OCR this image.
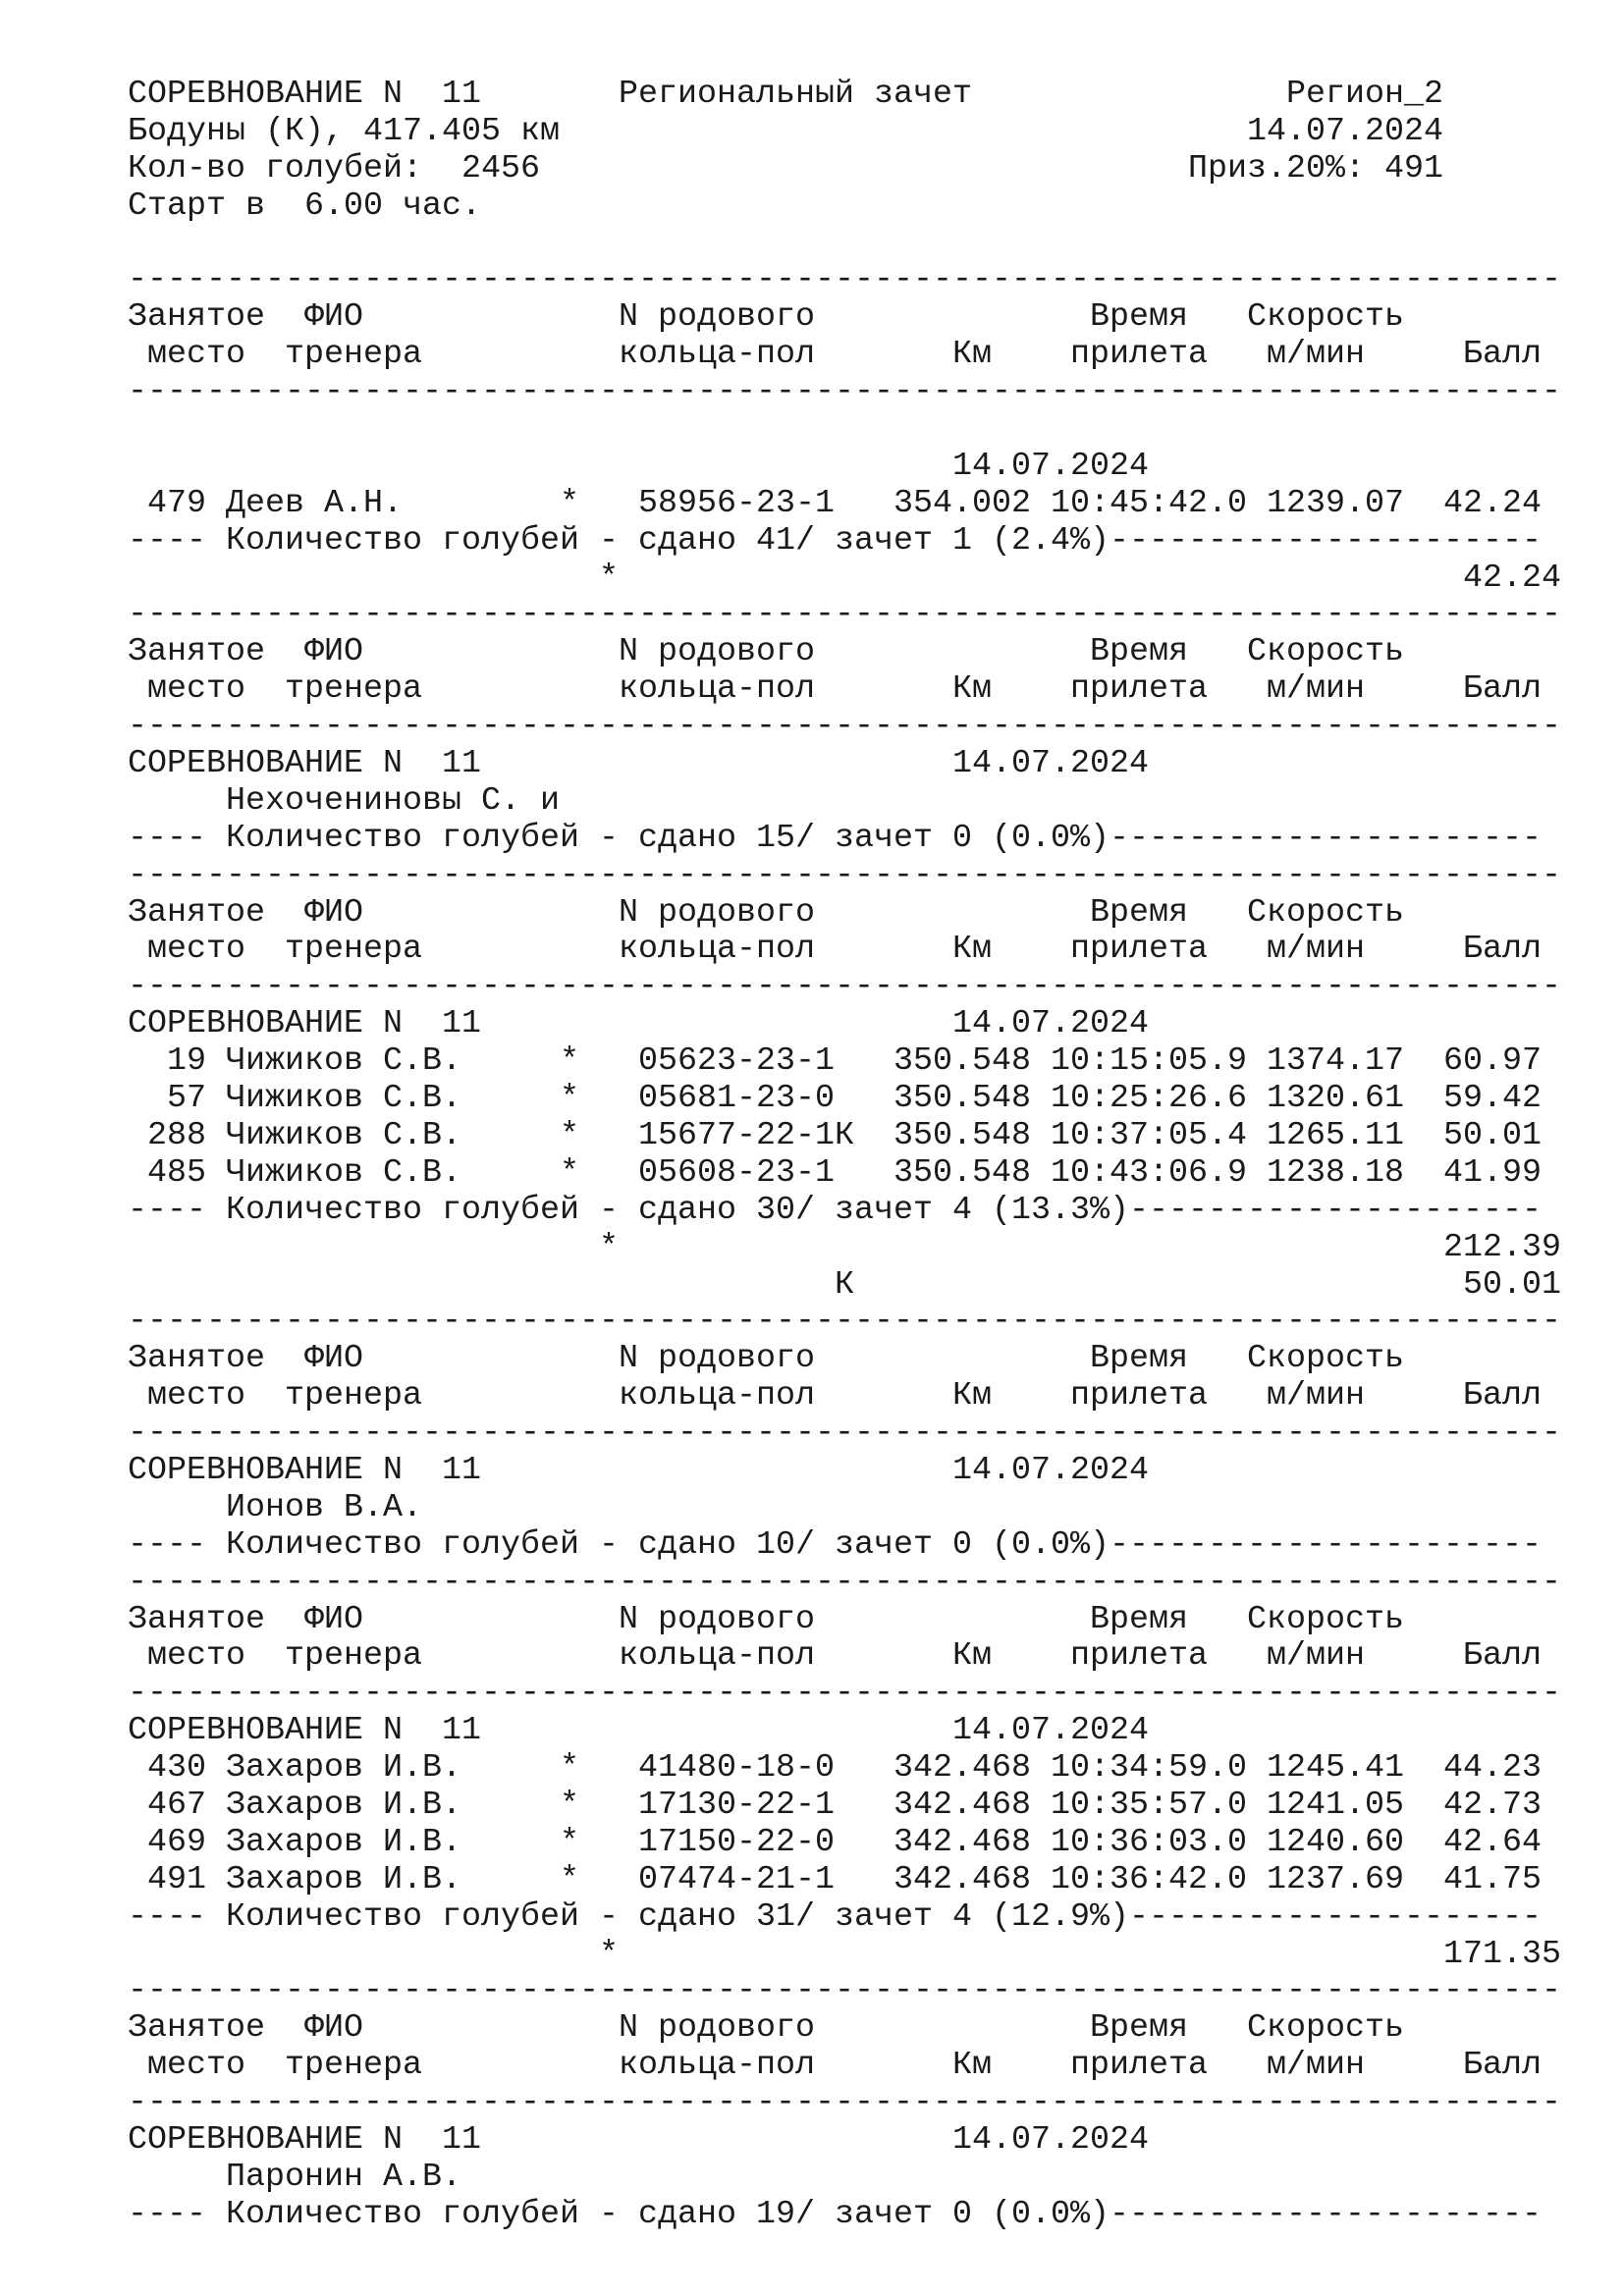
СОРЕВНОВАНИЕ N  11       Региональный зачет                Регион_2
Бодуны (К), 417.405 км                                   14.07.2024
Кол-во голубей:  2456                                 Приз.20%: 491
Старт в  6.00 час.
-------------------------------------------------------------------------
Занятое  ФИО             N родового              Время   Скорость
место  тренера          кольца-пол       Км    прилета   м/мин     Балл
-------------------------------------------------------------------------
14.07.2024
479 Деев А.Н.        *   58956-23-1   354.002 10:45:42.0 1239.07  42.24
---- Количество голубей - сдано 41/ зачет 1 (2.4%)----------------------
*                                           42.24
-------------------------------------------------------------------------
Занятое  ФИО             N родового              Время   Скорость
место  тренера          кольца-пол       Км    прилета   м/мин     Балл
-------------------------------------------------------------------------
СОРЕВНОВАНИЕ N  11                        14.07.2024
Нехочениновы С. и
---- Количество голубей - сдано 15/ зачет 0 (0.0%)----------------------
-------------------------------------------------------------------------
Занятое  ФИО             N родового              Время   Скорость
место  тренера          кольца-пол       Км    прилета   м/мин     Балл
-------------------------------------------------------------------------
СОРЕВНОВАНИЕ N  11                        14.07.2024
19 Чижиков С.В.     *   05623-23-1   350.548 10:15:05.9 1374.17  60.97
57 Чижиков С.В.     *   05681-23-0   350.548 10:25:26.6 1320.61  59.42
288 Чижиков С.В.     *   15677-22-1К  350.548 10:37:05.4 1265.11  50.01
485 Чижиков С.В.     *   05608-23-1   350.548 10:43:06.9 1238.18  41.99
---- Количество голубей - сдано 30/ зачет 4 (13.3%)---------------------
*                                          212.39
К                               50.01
-------------------------------------------------------------------------
Занятое  ФИО             N родового              Время   Скорость
место  тренера          кольца-пол       Км    прилета   м/мин     Балл
-------------------------------------------------------------------------
СОРЕВНОВАНИЕ N  11                        14.07.2024
Ионов В.А.
---- Количество голубей - сдано 10/ зачет 0 (0.0%)----------------------
-------------------------------------------------------------------------
Занятое  ФИО             N родового              Время   Скорость
место  тренера          кольца-пол       Км    прилета   м/мин     Балл
-------------------------------------------------------------------------
СОРЕВНОВАНИЕ N  11                        14.07.2024
430 Захаров И.В.     *   41480-18-0   342.468 10:34:59.0 1245.41  44.23
467 Захаров И.В.     *   17130-22-1   342.468 10:35:57.0 1241.05  42.73
469 Захаров И.В.     *   17150-22-0   342.468 10:36:03.0 1240.60  42.64
491 Захаров И.В.     *   07474-21-1   342.468 10:36:42.0 1237.69  41.75
---- Количество голубей - сдано 31/ зачет 4 (12.9%)---------------------
*                                          171.35
-------------------------------------------------------------------------
Занятое  ФИО             N родового              Время   Скорость
место  тренера          кольца-пол       Км    прилета   м/мин     Балл
-------------------------------------------------------------------------
СОРЕВНОВАНИЕ N  11                        14.07.2024
Паронин А.В.
---- Количество голубей - сдано 19/ зачет 0 (0.0%)----------------------
